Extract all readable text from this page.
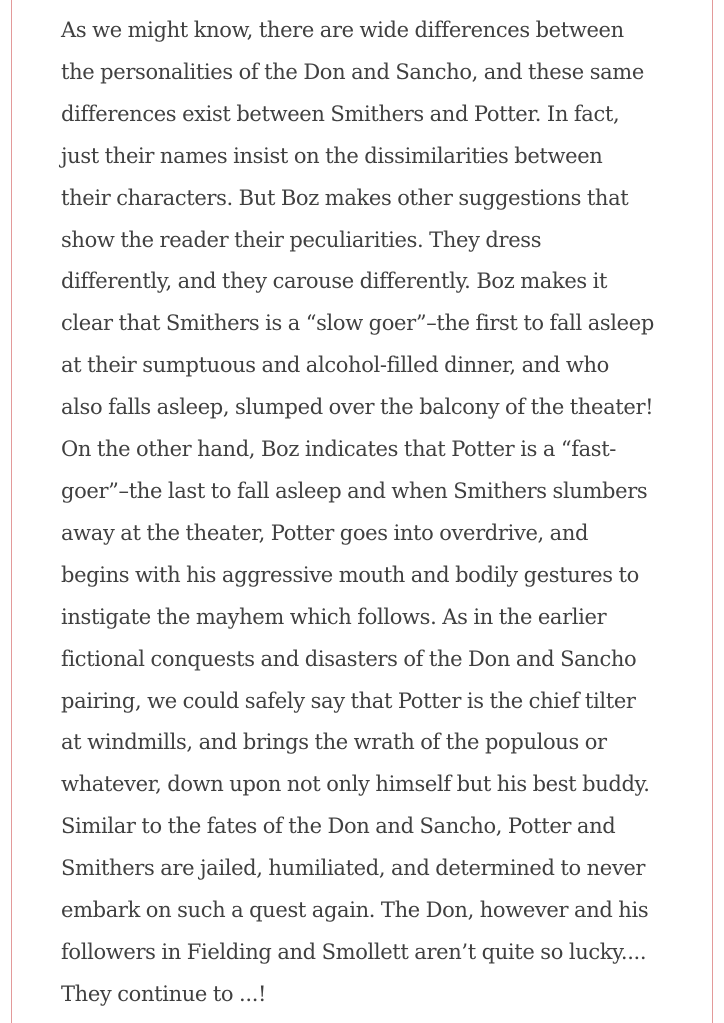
As we might know, there are wide differences between
the personalities of the Don and Sancho, and these same
differences exist between Smithers and Potter. In fact,
just their names insist on the dissimilarities between
their characters. But Boz makes other suggestions that
show the reader their peculiarities. They dress
differently, and they carouse differently. Boz makes it
clear that Smithers is a “slow goer”–the first to fall asleep
at their sumptuous and alcohol-filled dinner, and who
also falls asleep, slumped over the balcony of the theater!
On the other hand, Boz indicates that Potter is a “fast-
goer”–the last to fall asleep and when Smithers slumbers
away at the theater, Potter goes into overdrive, and
begins with his aggressive mouth and bodily gestures to
instigate the mayhem which follows. As in the earlier
fictional conquests and disasters of the Don and Sancho
pairing, we could safely say that Potter is the chief tilter
at windmills, and brings the wrath of the populous or
whatever, down upon not only himself but his best buddy.
Similar to the fates of the Don and Sancho, Potter and
Smithers are jailed, humiliated, and determined to never
embark on such a quest again. The Don, however and his
followers in Fielding and Smollett aren’t quite so lucky....
They continue to ...!
